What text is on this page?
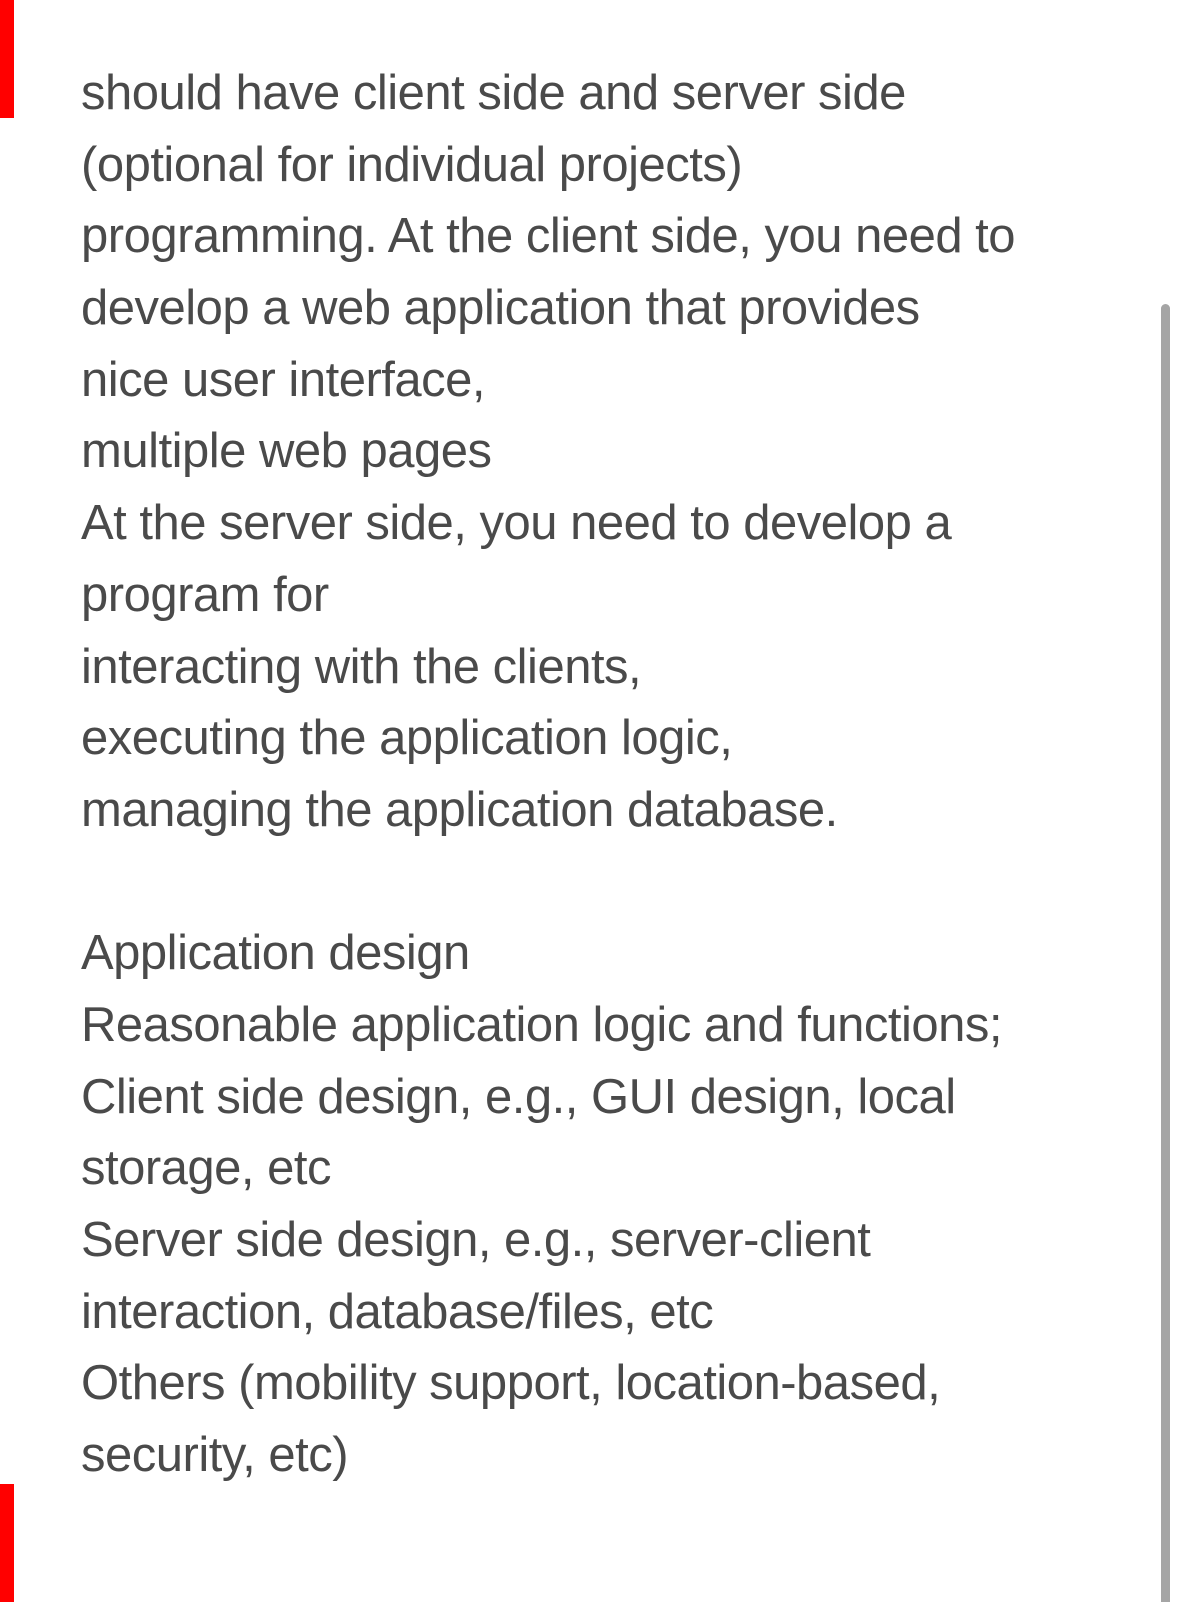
should have client side and server side
(optional for individual projects)
programming. At the client side, you need to
develop a web application that provides
nice user interface,
multiple web pages
At the server side, you need to develop a
program for
interacting with the clients,
executing the application logic,
managing the application database.

Application design
Reasonable application logic and functions;
Client side design, e.g., GUI design, local
storage, etc
Server side design, e.g., server-client
interaction, database/files, etc
Others (mobility support, location-based,
security, etc)
